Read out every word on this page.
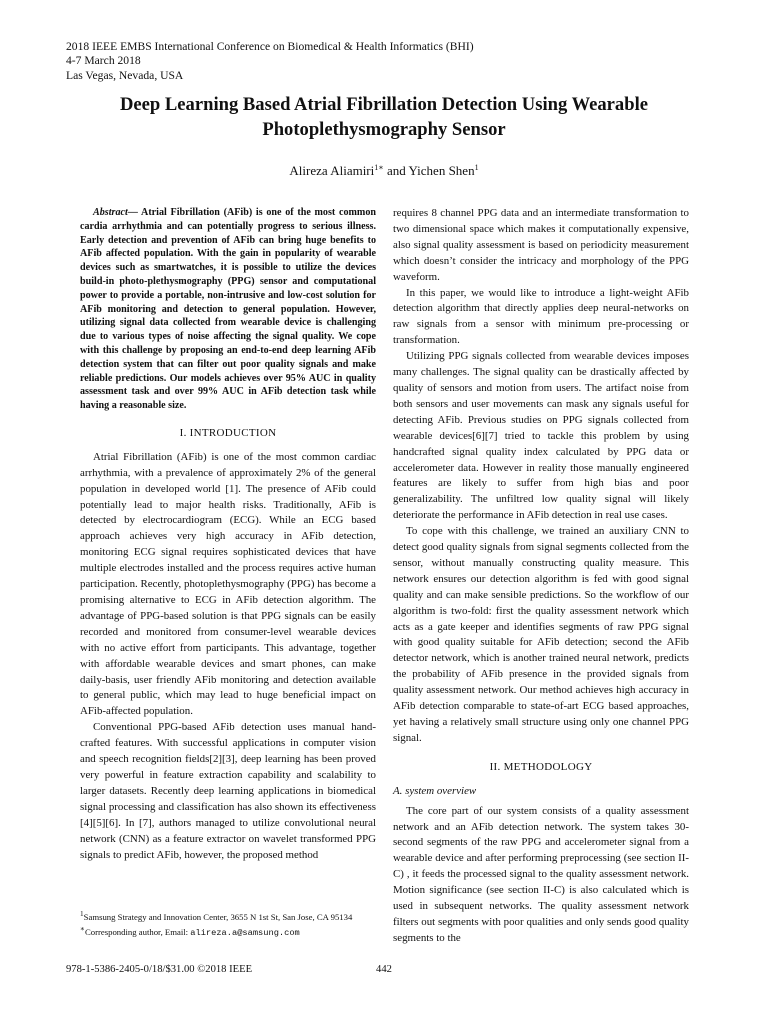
2018 IEEE EMBS International Conference on Biomedical & Health Informatics (BHI)
4-7 March 2018
Las Vegas, Nevada, USA
Deep Learning Based Atrial Fibrillation Detection Using Wearable
Photoplethysmography Sensor
Alireza Aliamiri$^{1∗}$ and Yichen Shen$^1$

Abstract— Atrial Fibrillation (AFib) is one of the most common cardia arrhythmia and can potentially progress to serious illness. Early detection and prevention of AFib can bring huge benefits to AFib affected population. With the gain in popularity of wearable devices such as smartwatches, it is possible to utilize the devices build-in photo-plethysmography (PPG) sensor and computational power to provide a portable, non-intrusive and low-cost solution for AFib monitoring and detection to general population. However, utilizing signal data collected from wearable device is challenging due to various types of noise affecting the signal quality. We cope with this challenge by proposing an end-to-end deep learning AFib detection system that can filter out poor quality signals and make reliable predictions. Our models achieves over 95% AUC in quality assessment task and over 99% AUC in AFib detection task while having a reasonable size.

I. INTRODUCTION

Atrial Fibrillation (AFib) is one of the most common cardiac arrhythmia, with a prevalence of approximately 2% of the general population in developed world [1]. The presence of AFib could potentially lead to major health risks. Traditionally, AFib is detected by electrocardiogram (ECG). While an ECG based approach achieves very high accuracy in AFib detection, monitoring ECG signal requires sophisticated devices that have multiple electrodes installed and the process requires active human participation. Recently, photoplethysmography (PPG) has become a promising alternative to ECG in AFib detection algorithm. The advantage of PPG-based solution is that PPG signals can be easily recorded and monitored from consumer-level wearable devices with no active effort from participants. This advantage, together with affordable wearable devices and smart phones, can make daily-basis, user friendly AFib monitoring and detection available to general public, which may lead to huge beneficial impact on AFib-affected population.

Conventional PPG-based AFib detection uses manual hand-crafted features. With successful applications in computer vision and speech recognition fields[2][3], deep learning has been proved very powerful in feature extraction capability and scalability to larger datasets. Recently deep learning applications in biomedical signal processing and classification has also shown its effectiveness [4][5][6]. In [7], authors managed to utilize convolutional neural network (CNN) as a feature extractor on wavelet transformed PPG signals to predict AFib, however, the proposed method

requires 8 channel PPG data and an intermediate transformation to two dimensional space which makes it computationally expensive, also signal quality assessment is based on periodicity measurement which doesn’t consider the intricacy and morphology of the PPG waveform.

In this paper, we would like to introduce a light-weight AFib detection algorithm that directly applies deep neural-networks on raw signals from a sensor with minimum pre-processing or transformation.

Utilizing PPG signals collected from wearable devices imposes many challenges. The signal quality can be drastically affected by quality of sensors and motion from users. The artifact noise from both sensors and user movements can mask any signals useful for detecting AFib. Previous studies on PPG signals collected from wearable devices[6][7] tried to tackle this problem by using handcrafted signal quality index calculated by PPG data or accelerometer data. However in reality those manually engineered features are likely to suffer from high bias and poor generalizability. The unfiltred low quality signal will likely deteriorate the performance in AFib detection in real use cases.

To cope with this challenge, we trained an auxiliary CNN to detect good quality signals from signal segments collected from the sensor, without manually constructing quality measure. This network ensures our detection algorithm is fed with good signal quality and can make sensible predictions. So the workflow of our algorithm is two-fold: first the quality assessment network which acts as a gate keeper and identifies segments of raw PPG signal with good quality suitable for AFib detection; second the AFib detector network, which is another trained neural network, predicts the probability of AFib presence in the provided signals from quality assessment network. Our method achieves high accuracy in AFib detection comparable to state-of-art ECG based approaches, yet having a relatively small structure using only one channel PPG signal.

II. METHODOLOGY
A. system overview

The core part of our system consists of a quality assessment network and an AFib detection network. The system takes 30-second segments of the raw PPG and accelerometer signal from a wearable device and after performing preprocessing (see section II-C) , it feeds the processed signal to the quality assessment network. Motion significance (see section II-C) is also calculated which is used in subsequent networks. The quality assessment network filters out segments with poor qualities and only sends good quality segments to the

$^1$Samsung Strategy and Innovation Center, 3655 N 1st St, San Jose, CA 95134

∗Corresponding author, Email: alireza.a@samsung.com

978-1-5386-2405-0/18/$31.00 ©2018 IEEE	442
